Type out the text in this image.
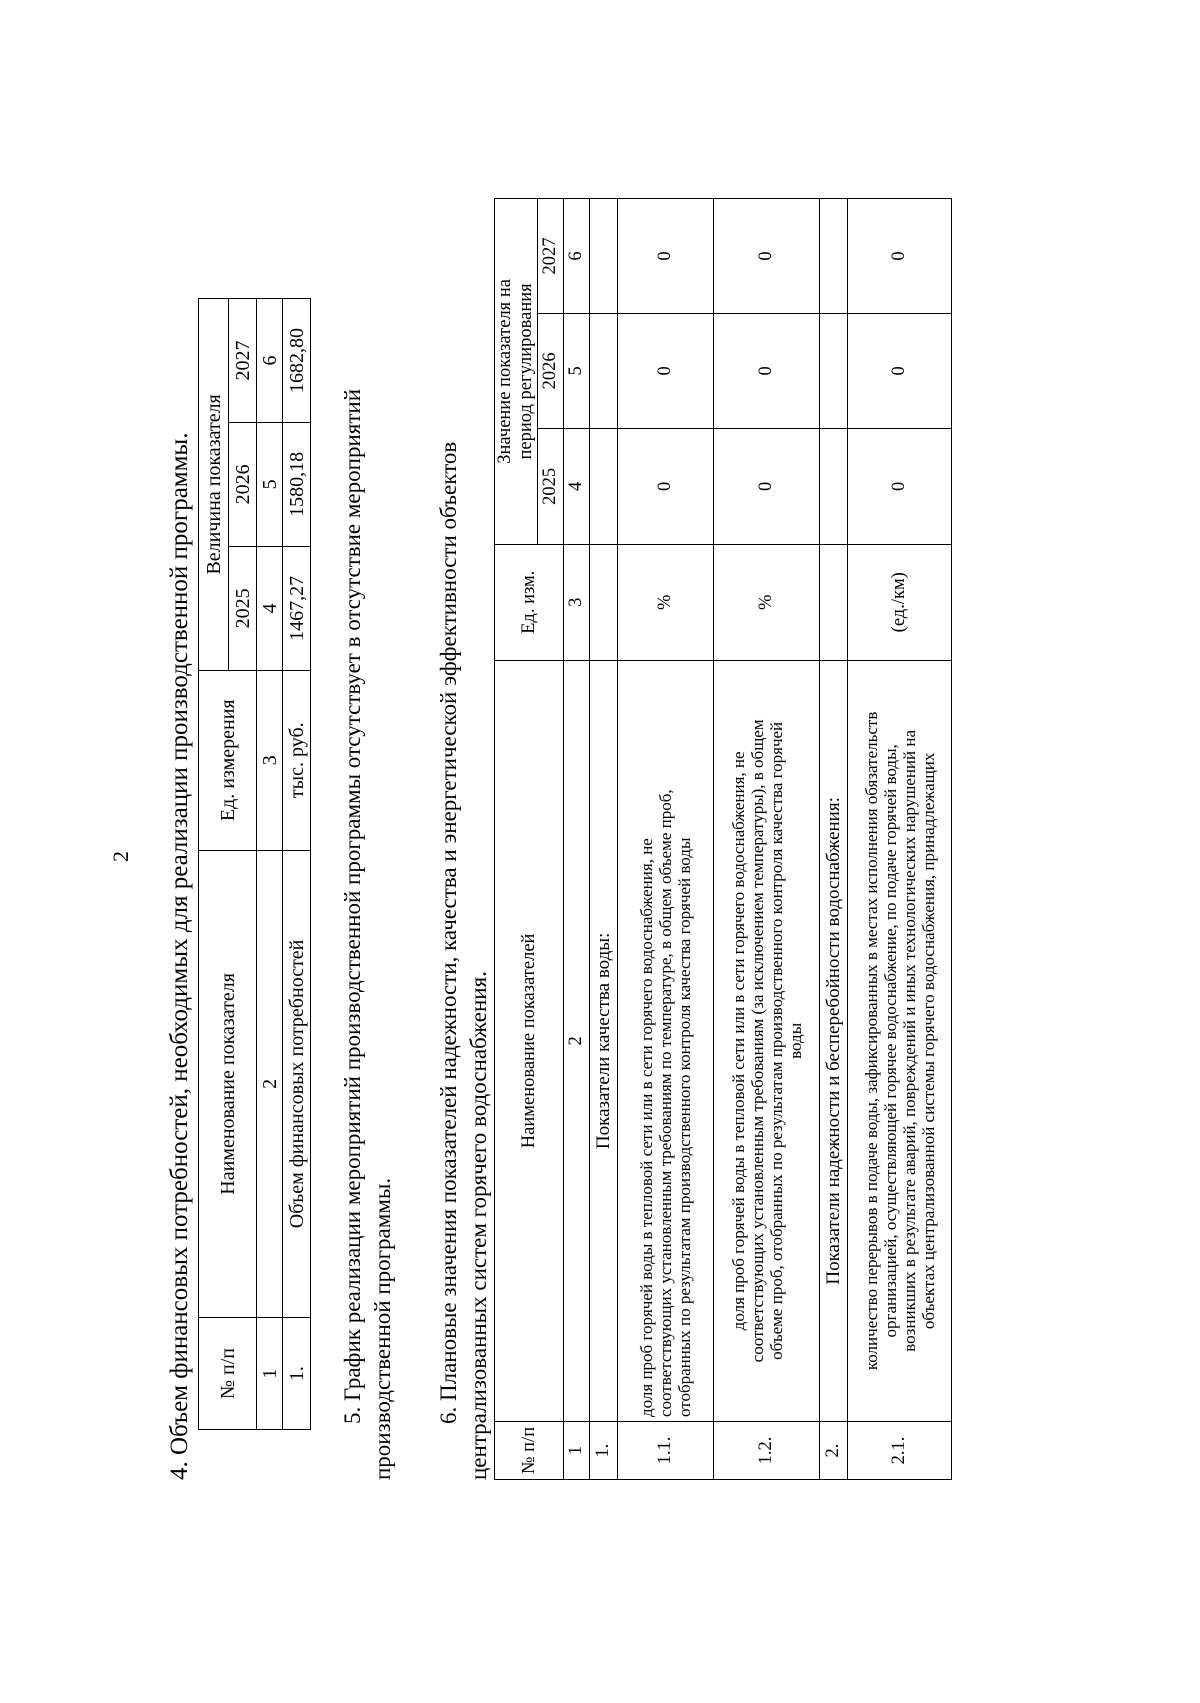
2 4. Объем финансовых потребностей, необходимых для реализации производственной программы. № п/п	Наименование показателя	Ед. измерения	Величина показателя		
			2025	2026	2027
1	2	3	4	5	6
1.	Объем финансовых потребностей	тыс. руб.	1467,27	1580,18	1682,80
5. График реализации мероприятий производственной программы отсутствует в отсутствие мероприятий производственной программы. 6. Плановые значения показателей надежности, качества и энергетической эффективности объектов централизованных систем горячего водоснабжения. № п/п	Наименование показателей	Ед. изм.	Значение показателя на период регулирования		

			2025	2026	2027
1	2	3	4	5	6
1.	Показатели качества воды:				
1.1.	доля проб горячей воды в тепловой сети или в сети горячего водоснабжения, не соответствующих установленным требованиям по температуре, в общем объеме проб, отобранных по результатам производственного контроля качества горячей воды	%	0	0	0
1.2.	доля проб горячей воды в тепловой сети или в сети горячего водоснабжения, не соответствующих установленным требованиям (за исключением температуры), в общем объеме проб, отобранных по результатам производственного контроля качества горячей воды	%	0	0	0
2.	Показатели надежности и бесперебойности водоснабжения:				
2.1.	количество перерывов в подаче воды, зафиксированных в местах исполнения обязательств организацией, осуществляющей горячее водоснабжение, по подаче горячей воды, возникших в результате аварий, повреждений и иных технологических нарушений на объектах централизованной системы горячего водоснабжения, принадлежащих	(ед./км)	0	0	0
